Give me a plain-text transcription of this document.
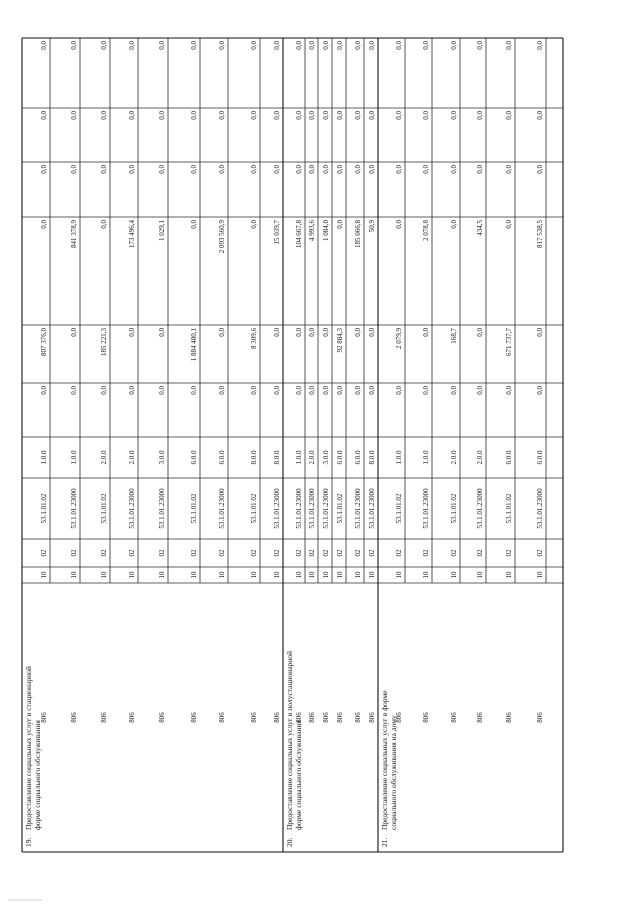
19.
Предоставление социальных услуг в стационарной форме социального обслуживания
0,0
0,0
0,0
0,0
807 376,0
0,0
1.0.0
53.1.01.02
02
10
806
0,0
0,0
0,0
841 378,9
0,0
0,0
1.0.0
53.1.01.23000
02
10
806
0,0
0,0
0,0
0,0
185 221,3
0,0
2.0.0
53.1.01.02
02
10
806
0,0
0,0
0,0
173 496,4
0,0
0,0
2.0.0
53.1.01.23000
02
10
806
0,0
0,0
0,0
1 029,1
0,0
0,0
3.0.0
53.1.01.23000
02
10
806
0,0
0,0
0,0
0,0
1 884 480,1
0,0
6.0.0
53.1.01.02
02
10
806
0,0
0,0
0,0
2 093 560,9
0,0
0,0
6.0.0
53.1.01.23000
02
10
806
0,0
0,0
0,0
0,0
8 309,6
0,0
8.0.0
53.1.01.02
02
10
806
0,0
0,0
0,0
15 039,7
0,0
0,0
8.0.0
53.1.01.23000
02
10
806
20.
Предоставление социальных услуг в полустационарной форме социального обслуживания
0,0
0,0
0,0
104 667,8
0,0
0,0
1.0.0
53.1.01.23000
02
10
806
0,0
0,0
0,0
4 993,6
0,0
0,0
2.0.0
53.1.01.23000
02
10
806
0,0
0,0
0,0
1 084,0
0,0
0,0
3.0.0
53.1.01.23000
02
10
806
0,0
0,0
0,0
0,0
92 884,3
0,0
6.0.0
53.1.01.02
02
10
806
0,0
0,0
0,0
185 066,8
0,0
0,0
6.0.0
53.1.01.23000
02
10
806
0,0
0,0
0,0
50,9
0,0
0,0
8.0.0
53.1.01.23000
02
10
806
21.
Предоставление социальных услуг в форме социального обслуживания на дому
0,0
0,0
0,0
0,0
2 079,9
0,0
1.0.0
53.1.01.02
02
10
806
0,0
0,0
0,0
2 078,8
0,0
0,0
1.0.0
53.1.01.23000
02
10
806
0,0
0,0
0,0
0,0
168,7
0,0
2.0.0
53.1.01.02
02
10
806
0,0
0,0
0,0
434,5
0,0
0,0
2.0.0
53.1.01.23000
02
10
806
0,0
0,0
0,0
0,0
671 737,7
0,0
6.0.0
53.1.01.02
02
10
806
0,0
0,0
0,0
817 538,5
0,0
0,0
6.0.0
53.1.01.23000
02
10
806
